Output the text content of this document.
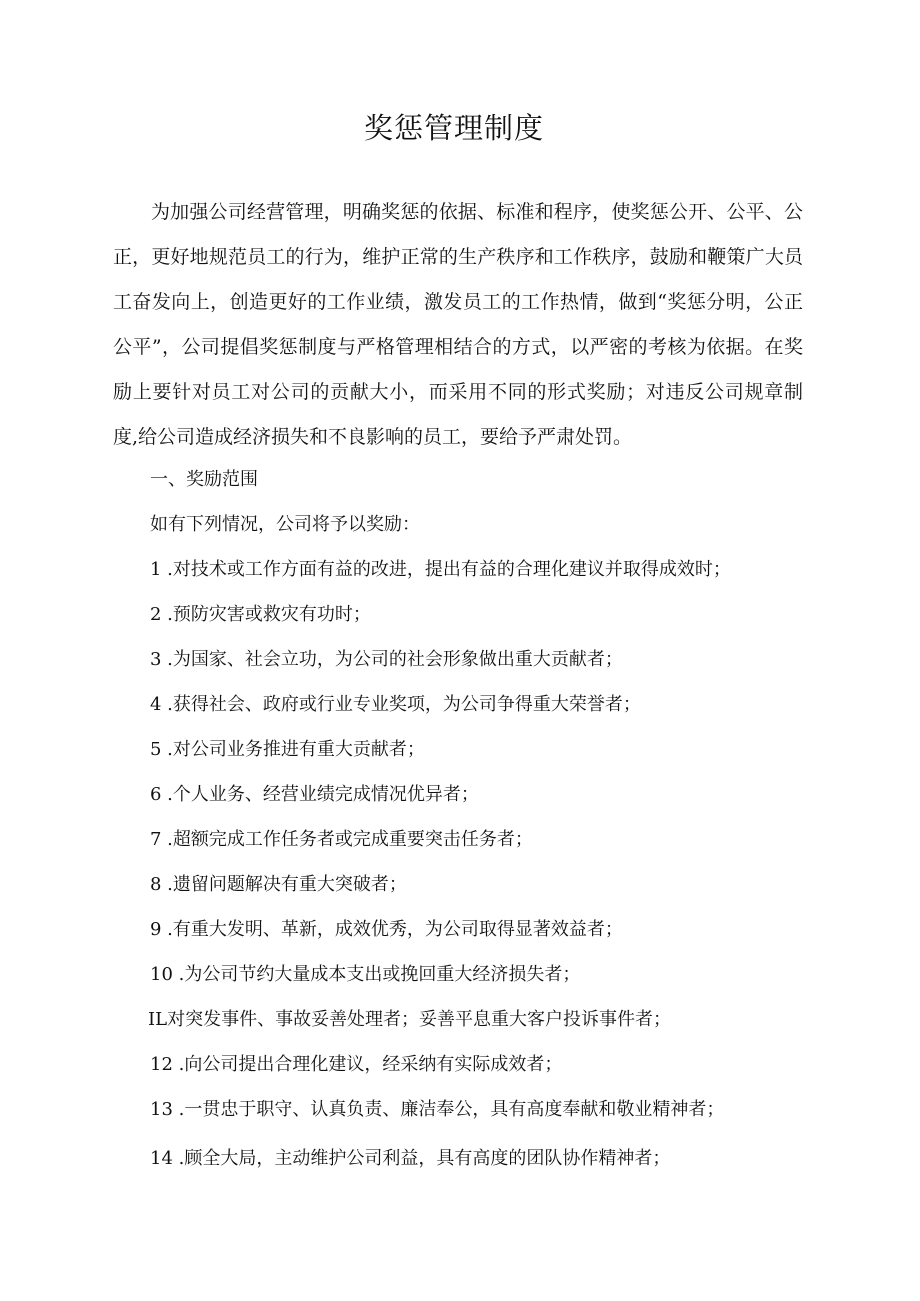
奖惩管理制度

为加强公司经营管理，明确奖惩的依据、标准和程序，使奖惩公开、公平、公正，更好地规范员工的行为，维护正常的生产秩序和工作秩序，鼓励和鞭策广大员工奋发向上，创造更好的工作业绩，激发员工的工作热情，做到“奖惩分明，公正公平”，公司提倡奖惩制度与严格管理相结合的方式，以严密的考核为依据。在奖励上要针对员工对公司的贡献大小，而采用不同的形式奖励；对违反公司规章制度,给公司造成经济损失和不良影响的员工，要给予严肃处罚。

一、奖励范围

如有下列情况，公司将予以奖励：

1 .对技术或工作方面有益的改进，提出有益的合理化建议并取得成效时；

2 .预防灾害或救灾有功时；

3 .为国家、社会立功，为公司的社会形象做出重大贡献者；

4 .获得社会、政府或行业专业奖项，为公司争得重大荣誉者；

5 .对公司业务推进有重大贡献者；

6 .个人业务、经营业绩完成情况优异者；

7 .超额完成工作任务者或完成重要突击任务者；

8 .遗留问题解决有重大突破者；

9 .有重大发明、革新，成效优秀，为公司取得显著效益者；

10 .为公司节约大量成本支出或挽回重大经济损失者；

IL对突发事件、事故妥善处理者；妥善平息重大客户投诉事件者；

12 .向公司提出合理化建议，经采纳有实际成效者；

13 .一贯忠于职守、认真负责、廉洁奉公，具有高度奉献和敬业精神者；

14 .顾全大局，主动维护公司利益，具有高度的团队协作精神者；
